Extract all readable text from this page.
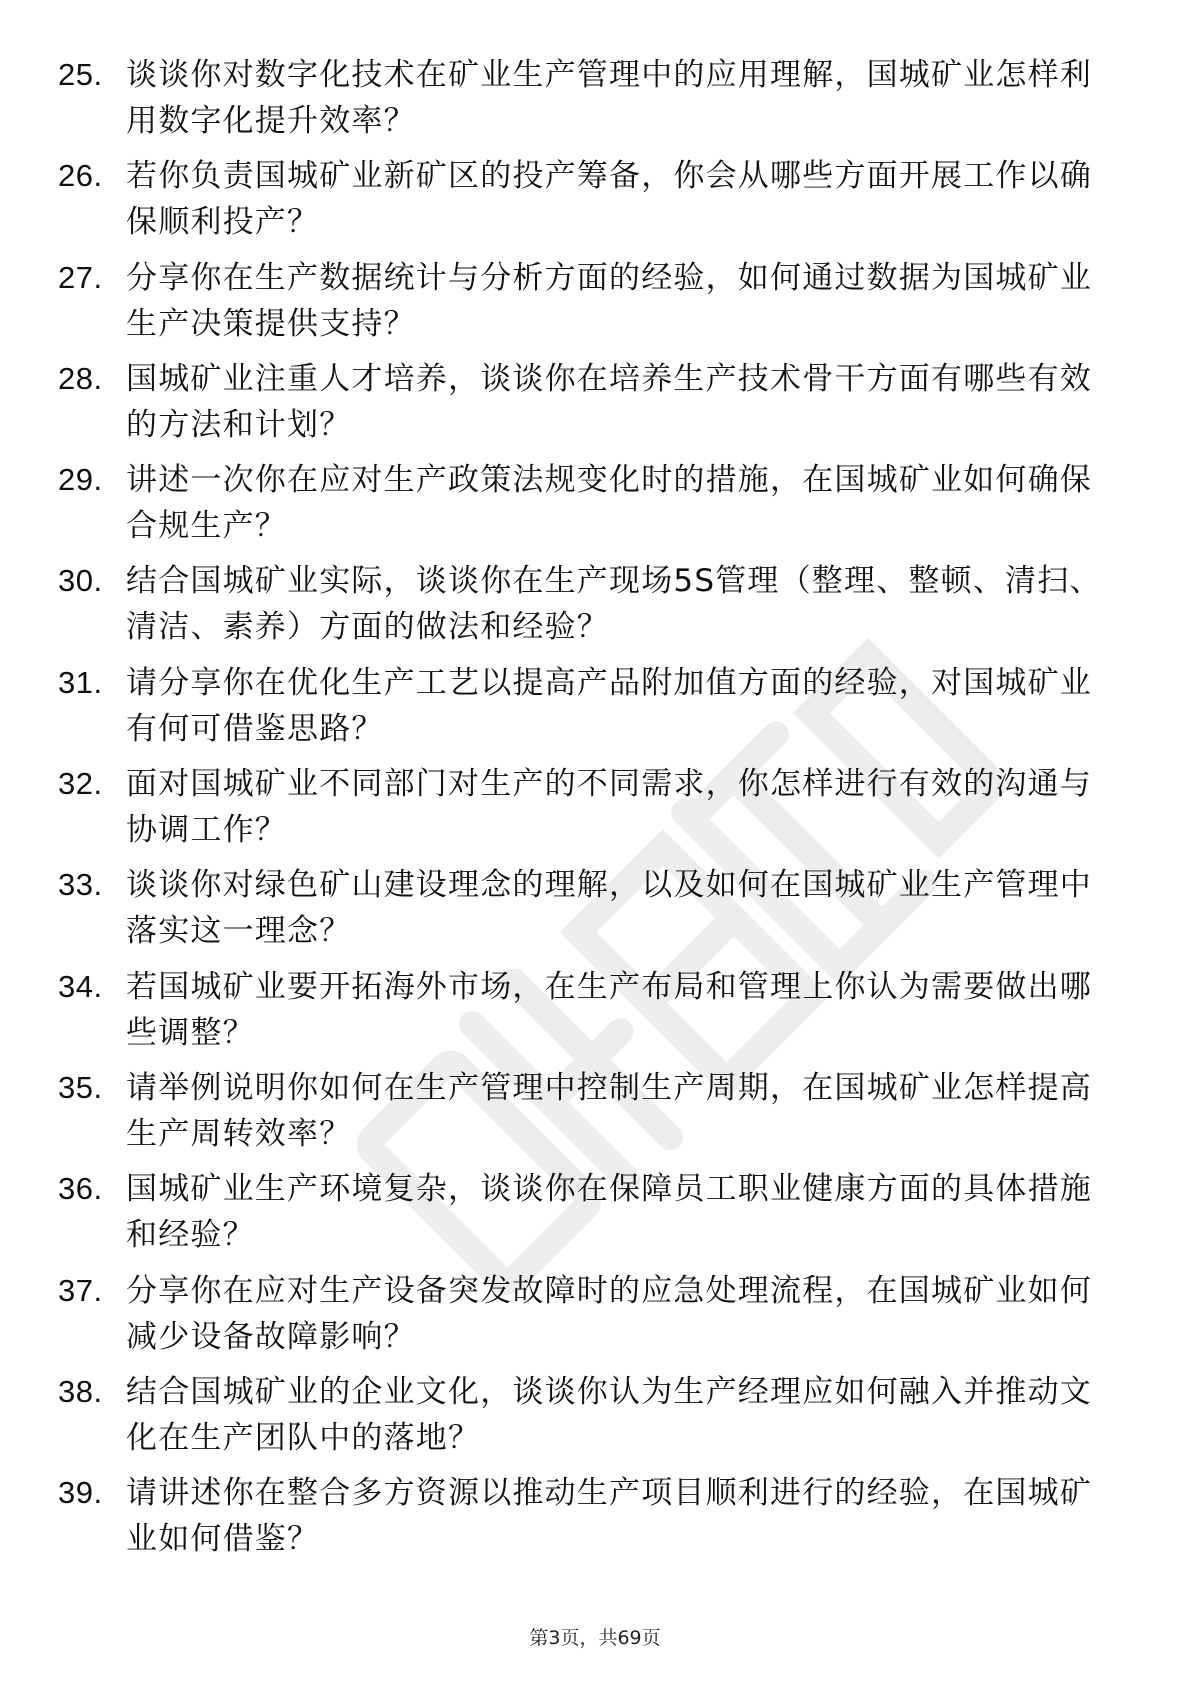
25. 谈谈你对数字化技术在矿业生产管理中的应用理解，国城矿业怎样利用数字化提升效率？
26. 若你负责国城矿业新矿区的投产筹备，你会从哪些方面开展工作以确保顺利投产？
27. 分享你在生产数据统计与分析方面的经验，如何通过数据为国城矿业生产决策提供支持？
28. 国城矿业注重人才培养，谈谈你在培养生产技术骨干方面有哪些有效的方法和计划？
29. 讲述一次你在应对生产政策法规变化时的措施，在国城矿业如何确保合规生产？
30. 结合国城矿业实际，谈谈你在生产现场5S管理（整理、整顿、清扫、清洁、素养）方面的做法和经验？
31. 请分享你在优化生产工艺以提高产品附加值方面的经验，对国城矿业有何可借鉴思路？
32. 面对国城矿业不同部门对生产的不同需求，你怎样进行有效的沟通与协调工作？
33. 谈谈你对绿色矿山建设理念的理解，以及如何在国城矿业生产管理中落实这一理念？
34. 若国城矿业要开拓海外市场，在生产布局和管理上你认为需要做出哪些调整？
35. 请举例说明你如何在生产管理中控制生产周期，在国城矿业怎样提高生产周转效率？
36. 国城矿业生产环境复杂，谈谈你在保障员工职业健康方面的具体措施和经验？
37. 分享你在应对生产设备突发故障时的应急处理流程，在国城矿业如何减少设备故障影响？
38. 结合国城矿业的企业文化，谈谈你认为生产经理应如何融入并推动文化在生产团队中的落地？
39. 请讲述你在整合多方资源以推动生产项目顺利进行的经验，在国城矿业如何借鉴？
第3页，共69页
